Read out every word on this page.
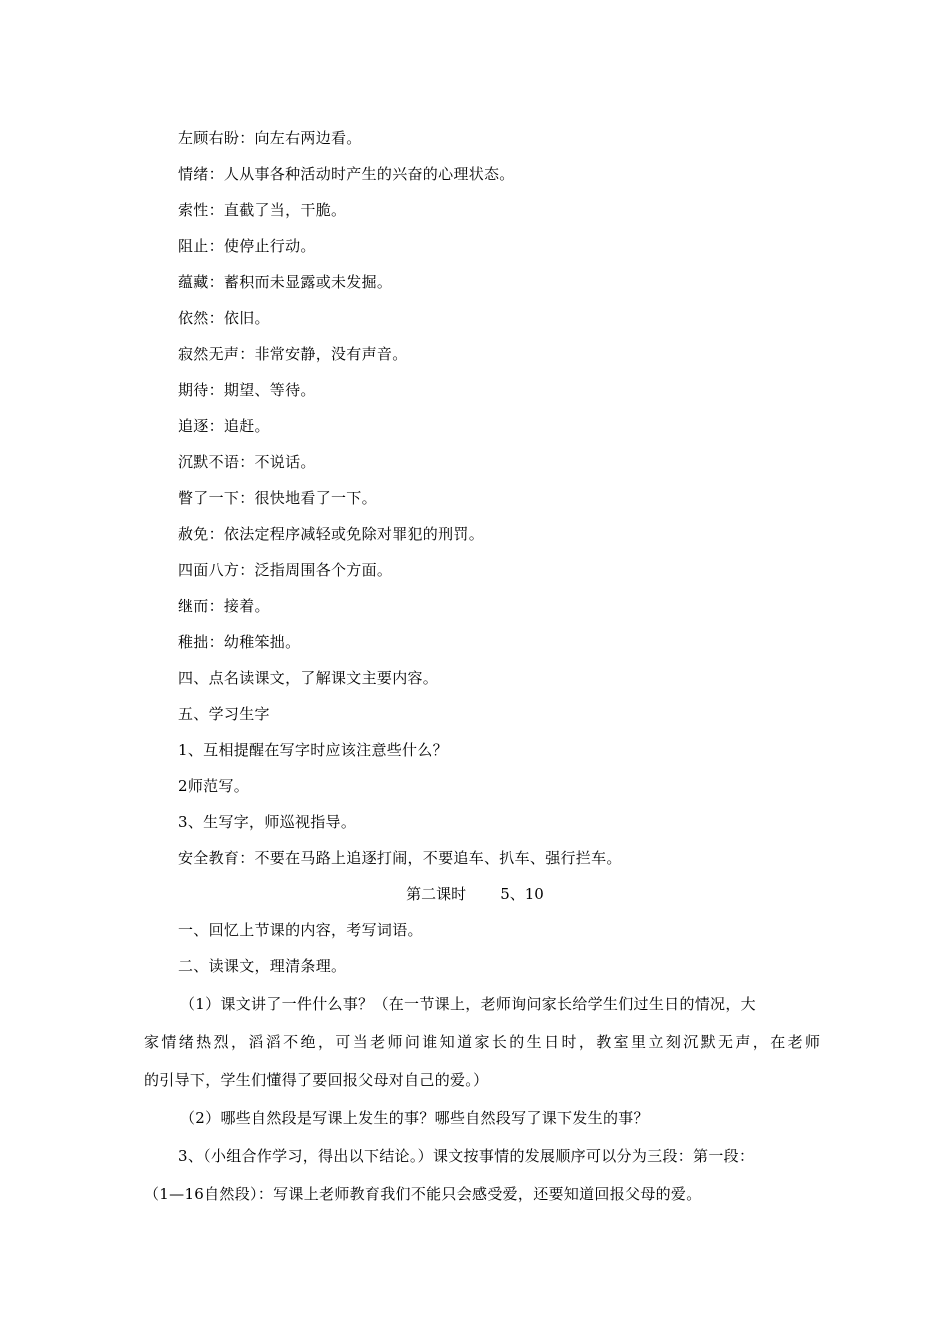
左顾右盼：向左右两边看。
情绪：人从事各种活动时产生的兴奋的心理状态。
索性：直截了当，干脆。
阻止：使停止行动。
蕴藏：蓄积而未显露或未发掘。
依然：依旧。
寂然无声：非常安静，没有声音。
期待：期望、等待。
追逐：追赶。
沉默不语：不说话。
瞥了一下：很快地看了一下。
赦免：依法定程序减轻或免除对罪犯的刑罚。
四面八方：泛指周围各个方面。
继而：接着。
稚拙：幼稚笨拙。
四、点名读课文，了解课文主要内容。
五、学习生字
1、互相提醒在写字时应该注意些什么？
2师范写。
3、生写字，师巡视指导。
安全教育：不要在马路上追逐打闹，不要追车、扒车、强行拦车。
第二课时 5、10
一、回忆上节课的内容，考写词语。
二、读课文，理清条理。
（1）课文讲了一件什么事？（在一节课上，老师询问家长给学生们过生日的情况，大
家情绪热烈，滔滔不绝，可当老师问谁知道家长的生日时，教室里立刻沉默无声，在老师
的引导下，学生们懂得了要回报父母对自己的爱。）
（2）哪些自然段是写课上发生的事？哪些自然段写了课下发生的事？
3、（小组合作学习，得出以下结论。）课文按事情的发展顺序可以分为三段：第一段：
（1—16自然段）：写课上老师教育我们不能只会感受爱，还要知道回报父母的爱。
